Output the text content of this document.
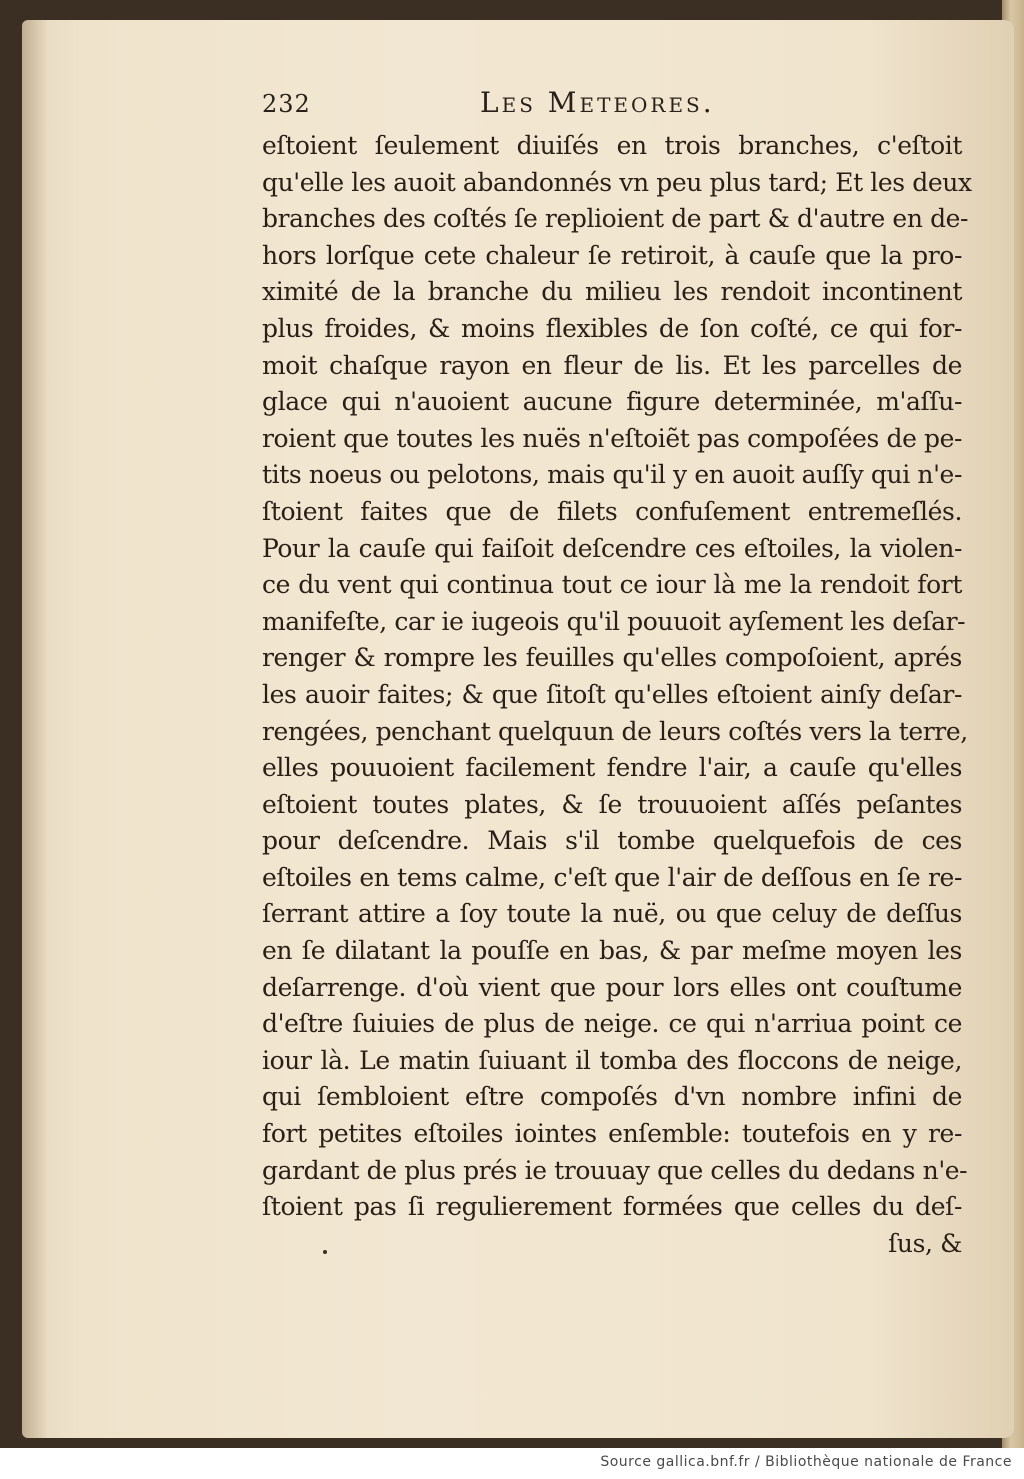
232	Les Meteores.
eſtoient ſeulement diuiſés en trois branches, c'eſtoit
qu'elle les auoit abandonnés vn peu plus tard; Et les deux
branches des coſtés ſe replioient de part & d'autre en de-
hors lorſque cete chaleur ſe retiroit, à cauſe que la pro-
ximité de la branche du milieu les rendoit incontinent
plus froides, & moins flexibles de ſon coſté, ce qui for-
moit chaſque rayon en fleur de lis. Et les parcelles de
glace qui n'auoient aucune figure determinée, m'aſſu-
roient que toutes les nuës n'eſtoiẽt pas compoſées de pe-
tits noeus ou pelotons, mais qu'il y en auoit auſſy qui n'e-
ſtoient faites que de filets confuſement entremeſlés.
Pour la cauſe qui faiſoit deſcendre ces eſtoiles, la violen-
ce du vent qui continua tout ce iour là me la rendoit fort
manifeſte, car ie iugeois qu'il pouuoit ayſement les deſar-
renger & rompre les feuilles qu'elles compoſoient, aprés
les auoir faites; & que ſitoſt qu'elles eſtoient ainſy deſar-
rengées, penchant quelquun de leurs coſtés vers la terre,
elles pouuoient facilement fendre l'air, a cauſe qu'elles
eſtoient toutes plates, & ſe trouuoient aſſés peſantes
pour deſcendre. Mais s'il tombe quelquefois de ces
eſtoiles en tems calme, c'eſt que l'air de deſſous en ſe re-
ſerrant attire a ſoy toute la nuë, ou que celuy de deſſus
en ſe dilatant la pouſſe en bas, & par meſme moyen les
deſarrenge. d'où vient que pour lors elles ont couſtume
d'eſtre ſuiuies de plus de neige. ce qui n'arriua point ce
iour là. Le matin ſuiuant il tomba des floccons de neige,
qui ſembloient eſtre compoſés d'vn nombre infini de
fort petites eſtoiles iointes enſemble: toutefois en y re-
gardant de plus prés ie trouuay que celles du dedans n'e-
ſtoient pas ſi regulierement formées que celles du deſ-
ſus, &
Source gallica.bnf.fr / Bibliothèque nationale de France
